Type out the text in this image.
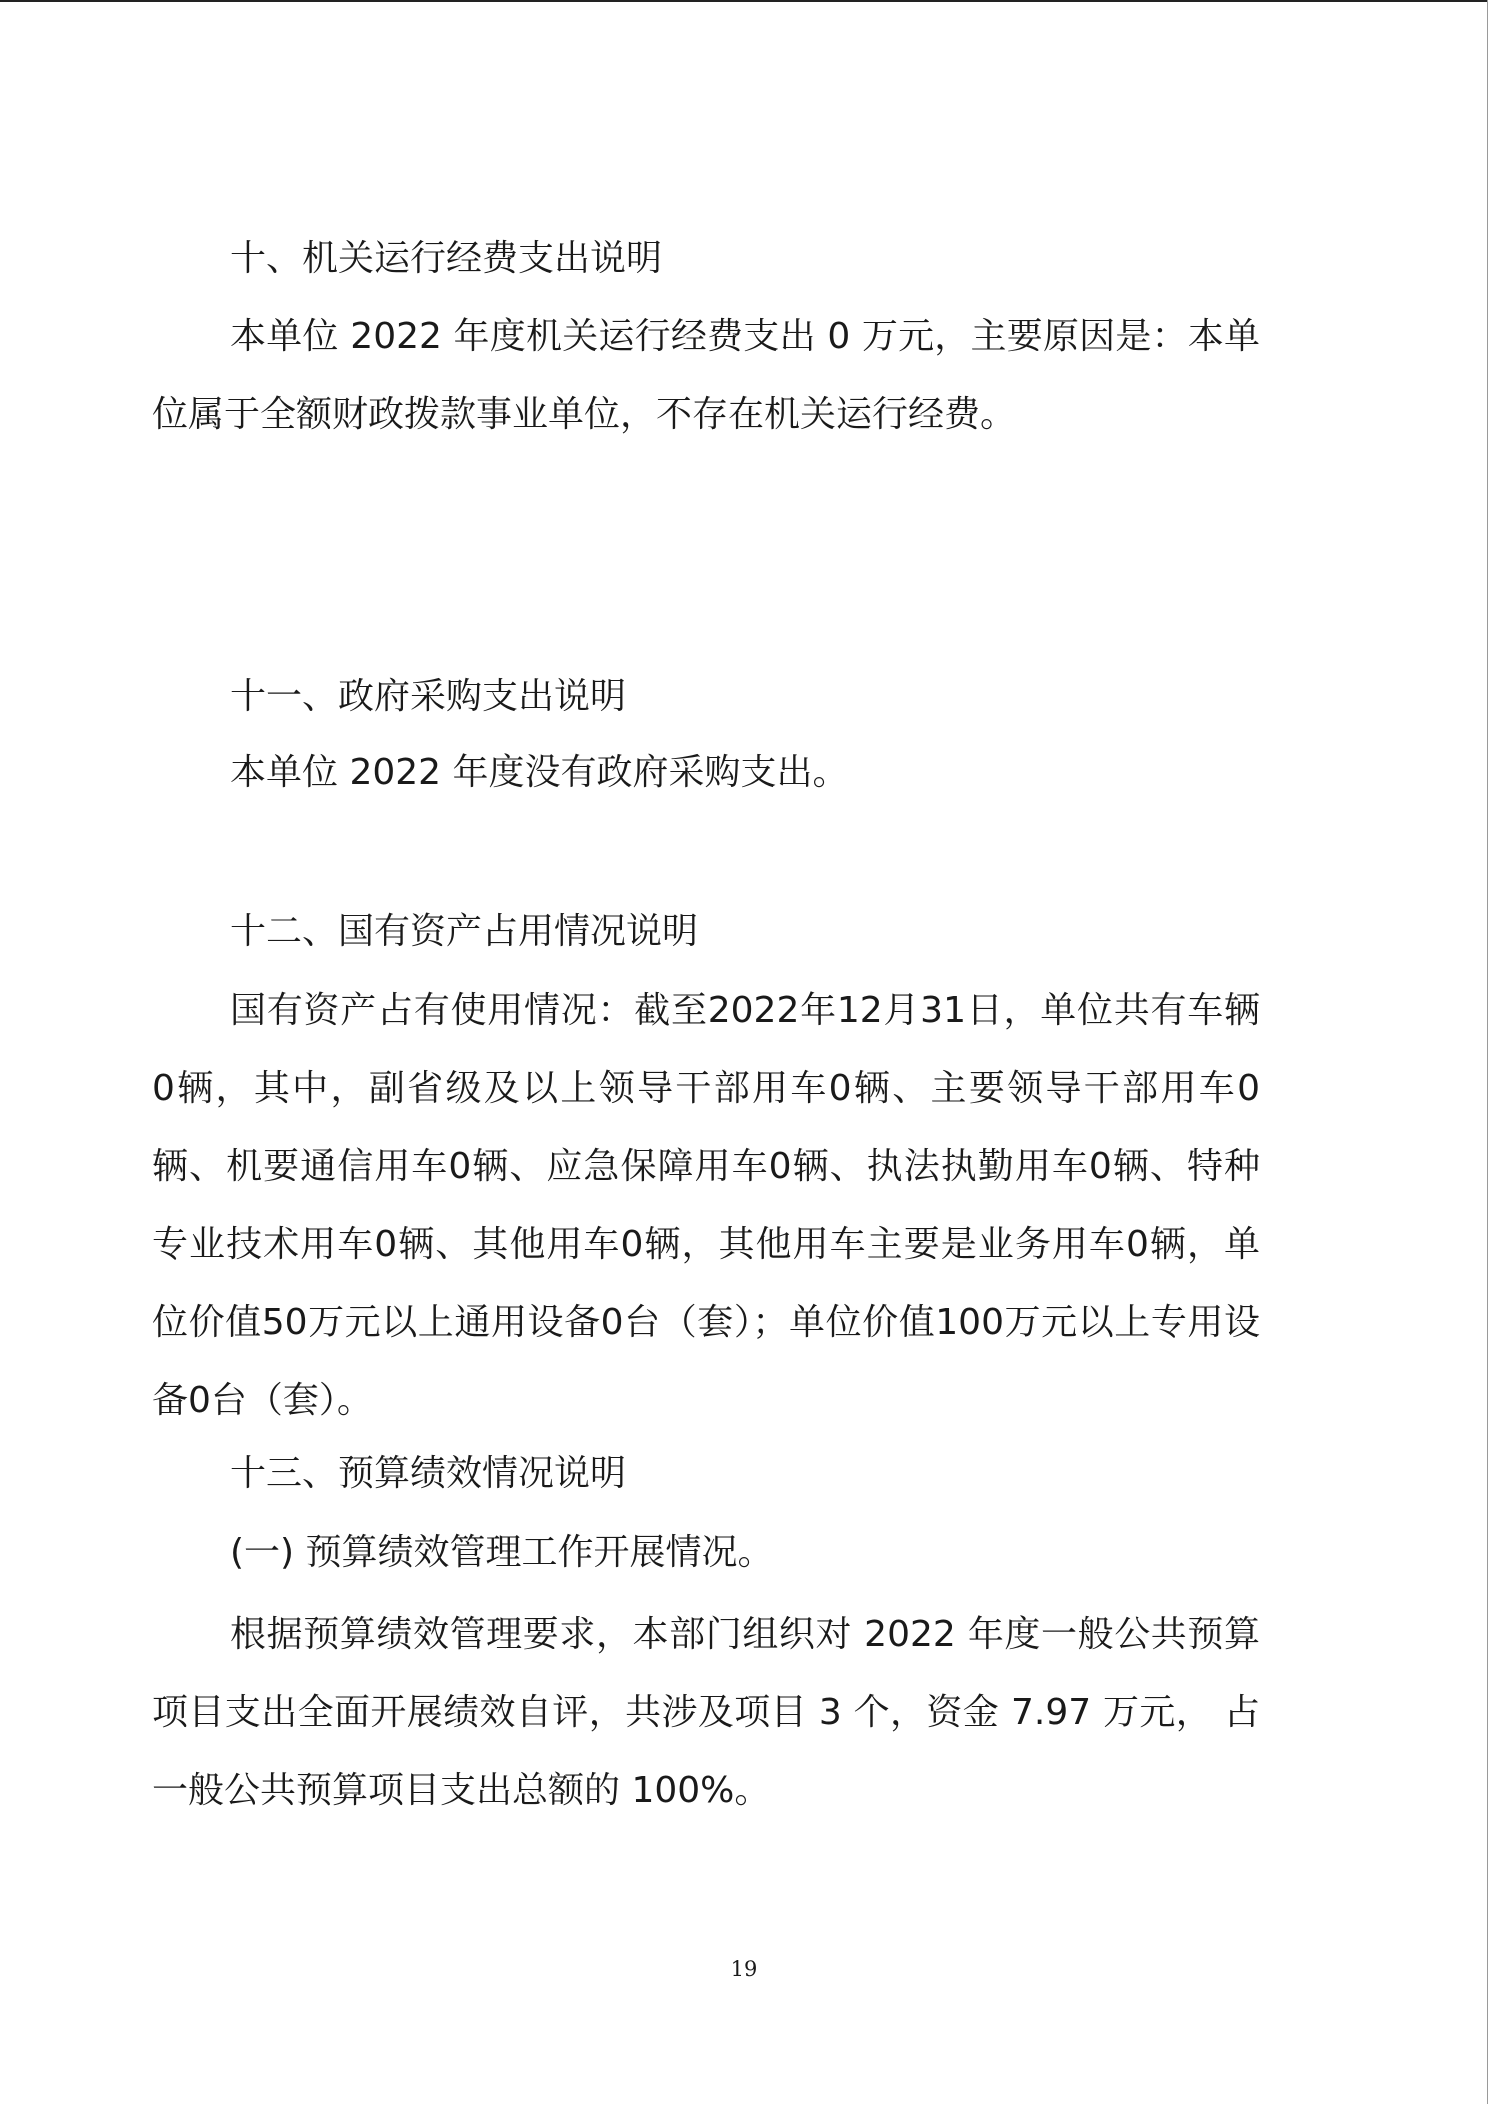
十、机关运行经费支出说明

本单位 2022 年度机关运行经费支出 0 万元，主要原因是：本单位属于全额财政拨款事业单位，不存在机关运行经费。

十一、政府采购支出说明

本单位 2022 年度没有政府采购支出。

十二、国有资产占用情况说明

国有资产占有使用情况：截至2022年12月31日，单位共有车辆0辆，其中，副省级及以上领导干部用车0辆、主要领导干部用车0辆、机要通信用车0辆、应急保障用车0辆、执法执勤用车0辆、特种专业技术用车0辆、其他用车0辆，其他用车主要是业务用车0辆，单位价值50万元以上通用设备0台（套）；单位价值100万元以上专用设备0台（套）。

十三、预算绩效情况说明

(一) 预算绩效管理工作开展情况。

根据预算绩效管理要求，本部门组织对 2022 年度一般公共预算项目支出全面开展绩效自评，共涉及项目 3 个，资金 7.97 万元， 占一般公共预算项目支出总额的 100%。

19
